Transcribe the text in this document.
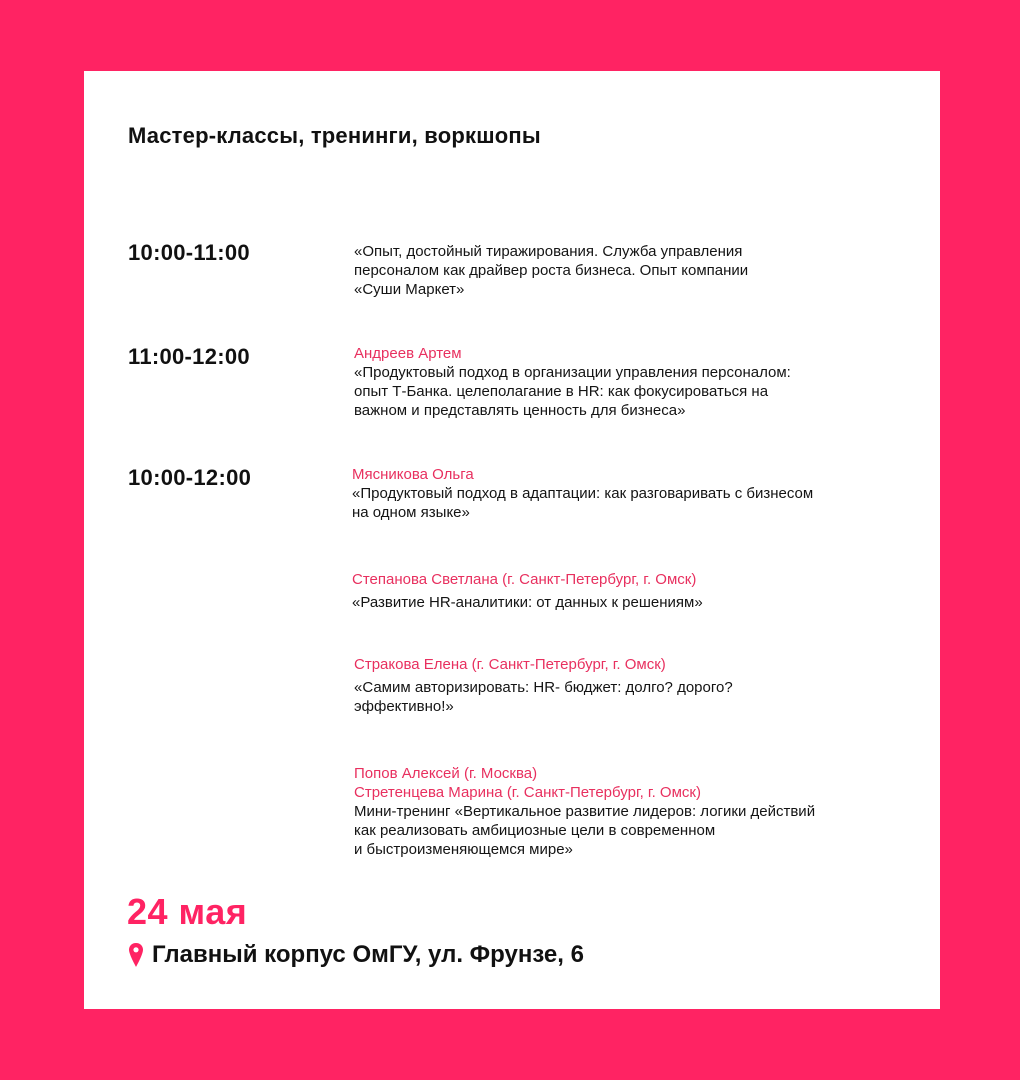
Мастер-классы, тренинги, воркшопы
10:00-11:00	«Опыт, достойный тиражирования. Служба управления
персоналом как драйвер роста бизнеса. Опыт компании
«Суши Маркет»
11:00-12:00	Андреев Артем
«Продуктовый подход в организации управления персоналом:
опыт Т-Банка. целеполагание в HR: как фокусироваться на
важном и представлять ценность для бизнеса»
10:00-12:00	Мясникова Ольга
«Продуктовый подход в адаптации: как разговаривать с бизнесом
на одном языке»
Степанова Светлана (г. Санкт-Петербург, г. Омск)
«Развитие HR-аналитики: от данных к решениям»
Стракова Елена (г. Санкт-Петербург, г. Омск)
«Самим авторизировать: HR- бюджет: долго? дорого?
эффективно!»
Попов Алексей (г. Москва)
Стретенцева Марина (г. Санкт-Петербург, г. Омск)
Мини-тренинг «Вертикальное развитие лидеров: логики действий
как реализовать амбициозные цели в современном
и быстроизменяющемся мире»
24 мая
Главный корпус ОмГУ, ул. Фрунзе, 6
